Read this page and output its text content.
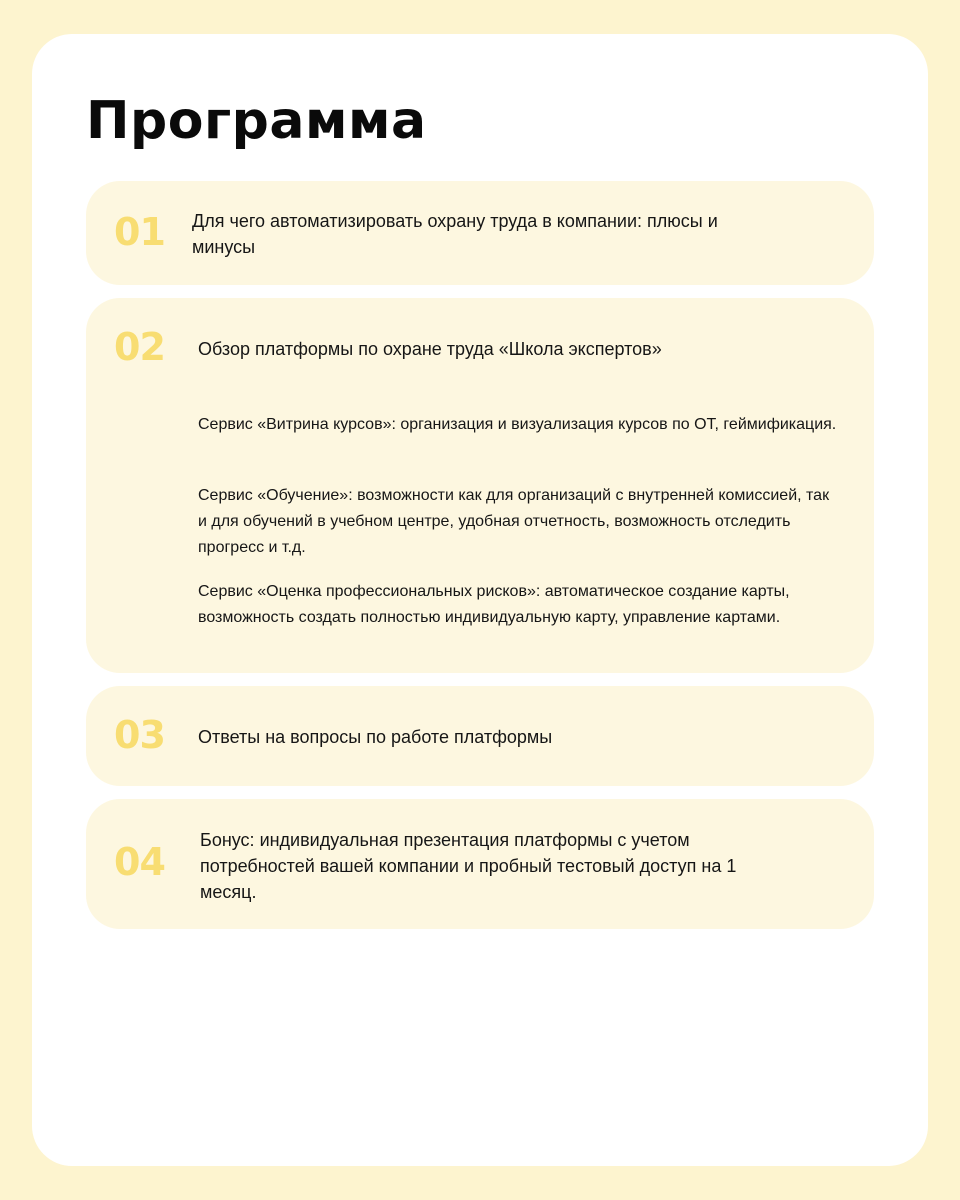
Программа
01 Для чего автоматизировать охрану труда в компании: плюсы и минусы
02 Обзор платформы по охране труда «Школа экспертов»

Сервис «Витрина курсов»: организация и визуализация курсов по ОТ, геймификация.

Сервис «Обучение»: возможности как для организаций с внутренней комиссией, так и для обучений в учебном центре, удобная отчетность, возможность отследить прогресс и т.д.

Сервис «Оценка профессиональных рисков»: автоматическое создание карты, возможность создать полностью индивидуальную карту, управление картами.

03 Ответы на вопросы по работе платформы
04 Бонус: индивидуальная презентация платформы с учетом потребностей вашей компании и пробный тестовый доступ на 1 месяц.
